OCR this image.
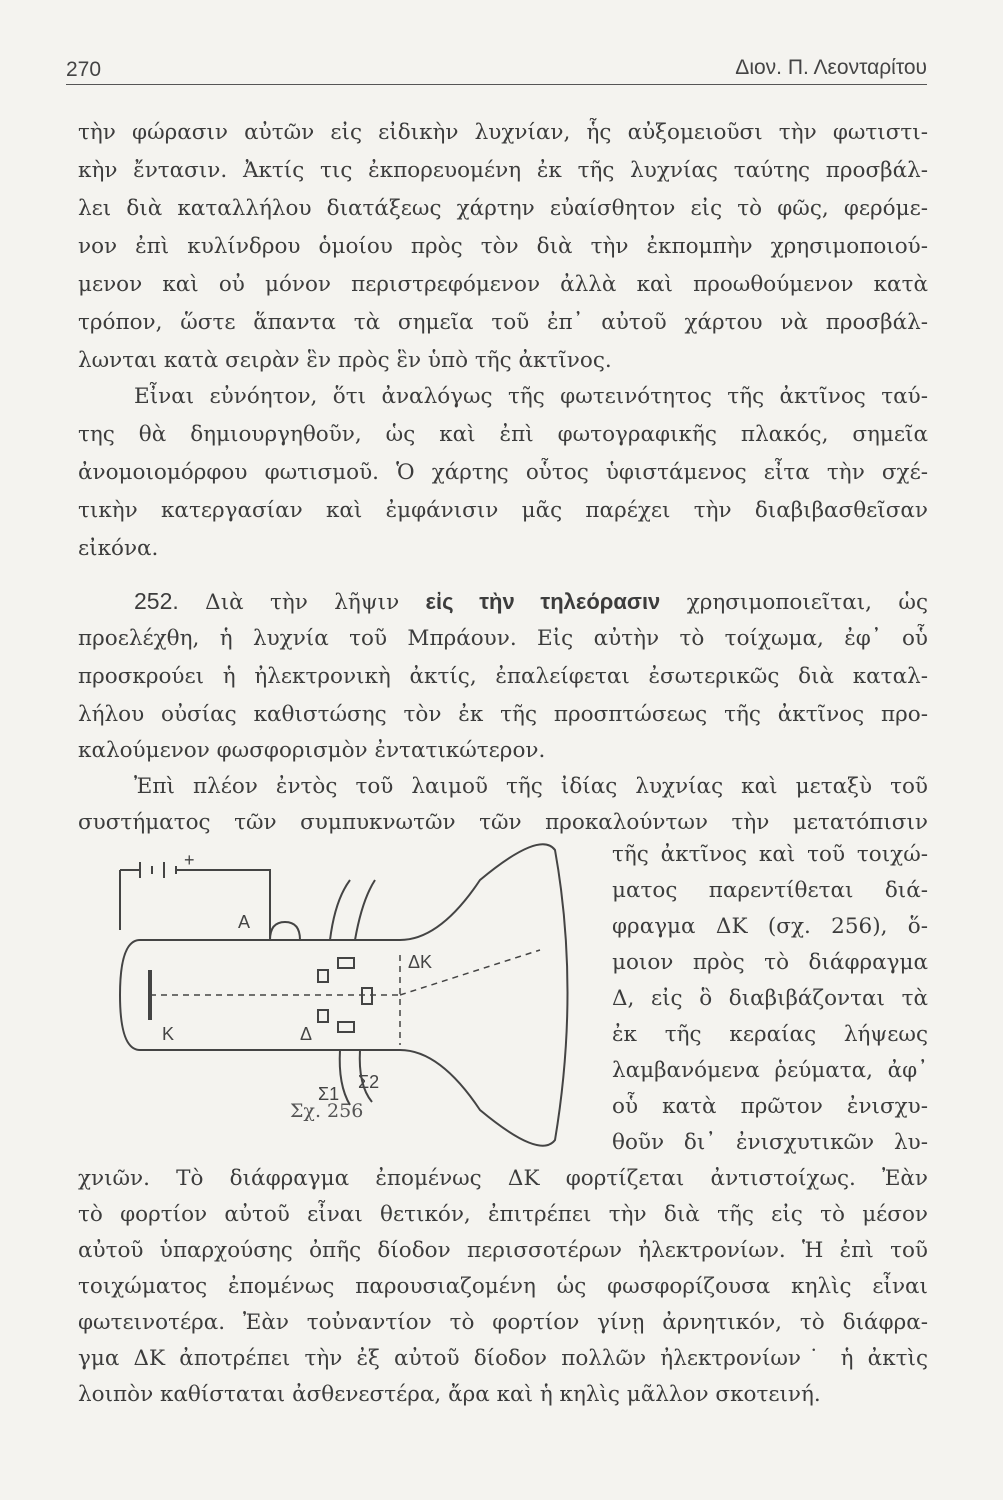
270	Διον. Π. Λεονταρίτου
τὴν φώρασιν αὐτῶν εἰς εἰδικὴν λυχνίαν, ἧς αὐξομειοῦσι τὴν φωτιστι-
κὴν ἔντασιν. Ἀκτίς τις ἐκπορευομένη ἐκ τῆς λυχνίας ταύτης προσβάλ-
λει διὰ καταλλήλου διατάξεως χάρτην εὐαίσθητον εἰς τὸ φῶς, φερόμε-
νον ἐπὶ κυλίνδρου ὁμοίου πρὸς τὸν διὰ τὴν ἐκπομπὴν χρησιμοποιού-
μενον καὶ οὐ μόνον περιστρεφόμενον ἀλλὰ καὶ προωθούμενον κατὰ
τρόπον, ὥστε ἅπαντα τὰ σημεῖα τοῦ ἐπ᾽ αὐτοῦ χάρτου νὰ προσβάλ-
λωνται κατὰ σειρὰν ἓν πρὸς ἓν ὑπὸ τῆς ἀκτῖνος.
Εἶναι εὐνόητον, ὅτι ἀναλόγως τῆς φωτεινότητος τῆς ἀκτῖνος ταύ-
της θὰ δημιουργηθοῦν, ὡς καὶ ἐπὶ φωτογραφικῆς πλακός, σημεῖα
ἀνομοιομόρφου φωτισμοῦ. Ὁ χάρτης οὗτος ὑφιστάμενος εἶτα τὴν σχέ-
τικὴν κατεργασίαν καὶ ἐμφάνισιν μᾶς παρέχει τὴν διαβιβασθεῖσαν
εἰκόνα.
252. Διὰ τὴν λῆψιν εἰς τὴν τηλεόρασιν χρησιμοποιεῖται, ὡς
προελέχθη, ἡ λυχνία τοῦ Μπράουν. Εἰς αὐτὴν τὸ τοίχωμα, ἐφ᾽ οὗ
προσκρούει ἡ ἠλεκτρονικὴ ἀκτίς, ἐπαλείφεται ἐσωτερικῶς διὰ καταλ-
λήλου οὐσίας καθιστώσης τὸν ἐκ τῆς προσπτώσεως τῆς ἀκτῖνος προ-
καλούμενον φωσφορισμὸν ἐντατικώτερον.
Ἐπὶ πλέον ἐντὸς τοῦ λαιμοῦ τῆς ἰδίας λυχνίας καὶ μεταξὺ τοῦ
συστήματος τῶν συμπυκνωτῶν τῶν προκαλούντων τὴν μετατόπισιν
τῆς ἀκτῖνος καὶ τοῦ τοιχώ-
ματος παρεντίθεται διά-
φραγμα ΔΚ (σχ. 256), ὅ-
μοιον πρὸς τὸ διάφραγμα
Δ, εἰς ὃ διαβιβάζονται τὰ
ἐκ τῆς κεραίας λήψεως
λαμβανόμενα ῥεύματα, ἀφ᾽
οὗ κατὰ πρῶτον ἐνισχυ-
θοῦν δι᾽ ἐνισχυτικῶν λυ-
χνιῶν. Τὸ διάφραγμα ἐπομένως ΔΚ φορτίζεται ἀντιστοίχως. Ἐὰν
τὸ φορτίον αὐτοῦ εἶναι θετικόν, ἐπιτρέπει τὴν διὰ τῆς εἰς τὸ μέσον
αὐτοῦ ὑπαρχούσης ὀπῆς δίοδον περισσοτέρων ἠλεκτρονίων. Ἡ ἐπὶ τοῦ
τοιχώματος ἐπομένως παρουσιαζομένη ὡς φωσφορίζουσα κηλὶς εἶναι
φωτεινοτέρα. Ἐὰν τοὐναντίον τὸ φορτίον γίνῃ ἀρνητικόν, τὸ διάφρα-
γμα ΔΚ ἀποτρέπει τὴν ἐξ αὐτοῦ δίοδον πολλῶν ἠλεκτρονίων˙ ἡ ἀκτὶς
λοιπὸν καθίσταται ἀσθενεστέρα, ἄρα καὶ ἡ κηλὶς μᾶλλον σκοτεινή.
A
K	Δ
ΔK
Σ1
Σ2
+
Σχ. 256
